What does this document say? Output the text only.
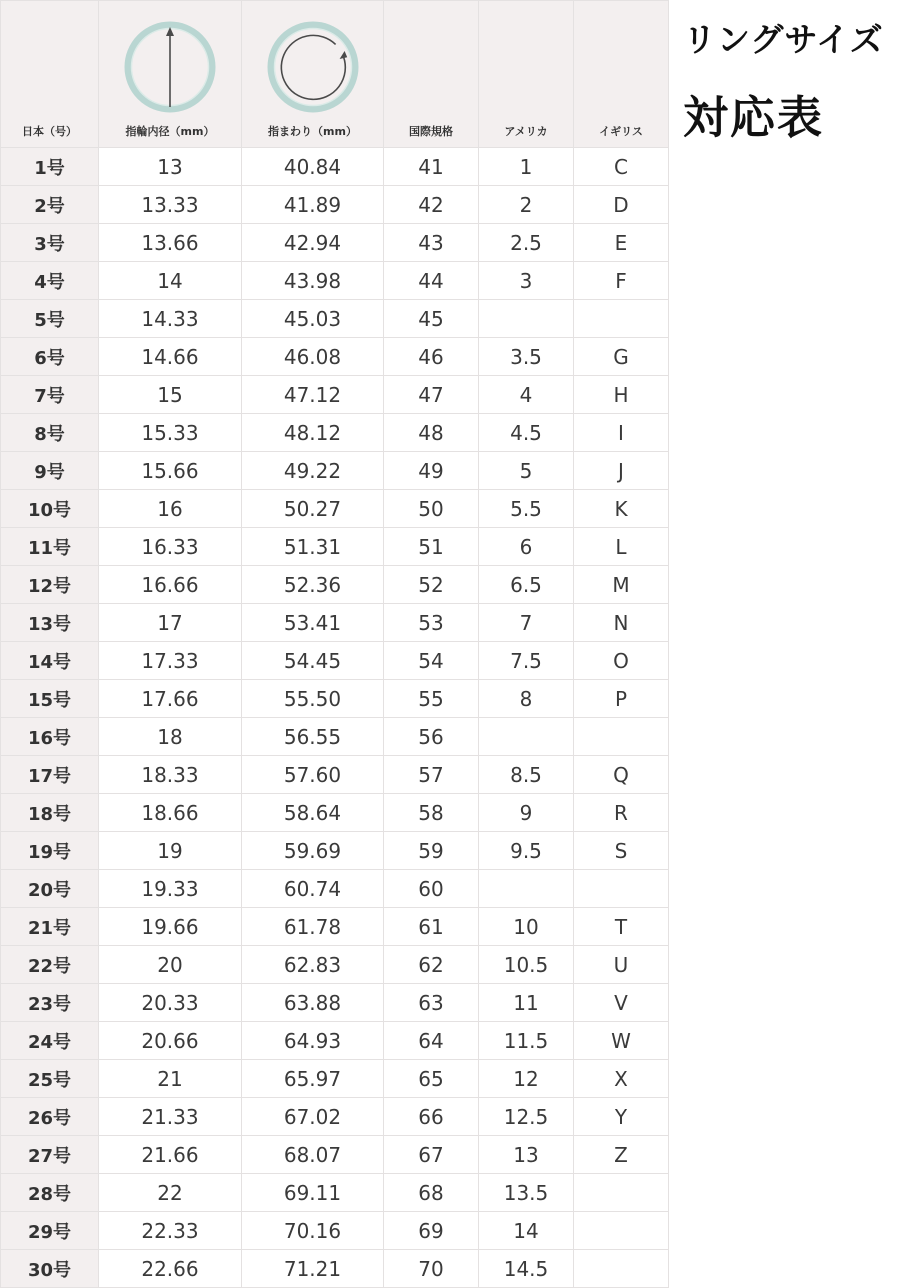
日本（号）	指輪内径（mm）	指まわり（mm）	国際規格	アメリカ	イギリス
1号	13	40.84	41	1	C
2号	13.33	41.89	42	2	D
3号	13.66	42.94	43	2.5	E
4号	14	43.98	44	3	F
5号	14.33	45.03	45		
6号	14.66	46.08	46	3.5	G
7号	15	47.12	47	4	H
8号	15.33	48.12	48	4.5	I
9号	15.66	49.22	49	5	J
10号	16	50.27	50	5.5	K
11号	16.33	51.31	51	6	L
12号	16.66	52.36	52	6.5	M
13号	17	53.41	53	7	N
14号	17.33	54.45	54	7.5	O
15号	17.66	55.50	55	8	P
16号	18	56.55	56		
17号	18.33	57.60	57	8.5	Q
18号	18.66	58.64	58	9	R
19号	19	59.69	59	9.5	S
20号	19.33	60.74	60		
21号	19.66	61.78	61	10	T
22号	20	62.83	62	10.5	U
23号	20.33	63.88	63	11	V
24号	20.66	64.93	64	11.5	W
25号	21	65.97	65	12	X
26号	21.33	67.02	66	12.5	Y
27号	21.66	68.07	67	13	Z
28号	22	69.11	68	13.5	
29号	22.33	70.16	69	14	
30号	22.66	71.21	70	14.5	
リングサイズ
対応表
